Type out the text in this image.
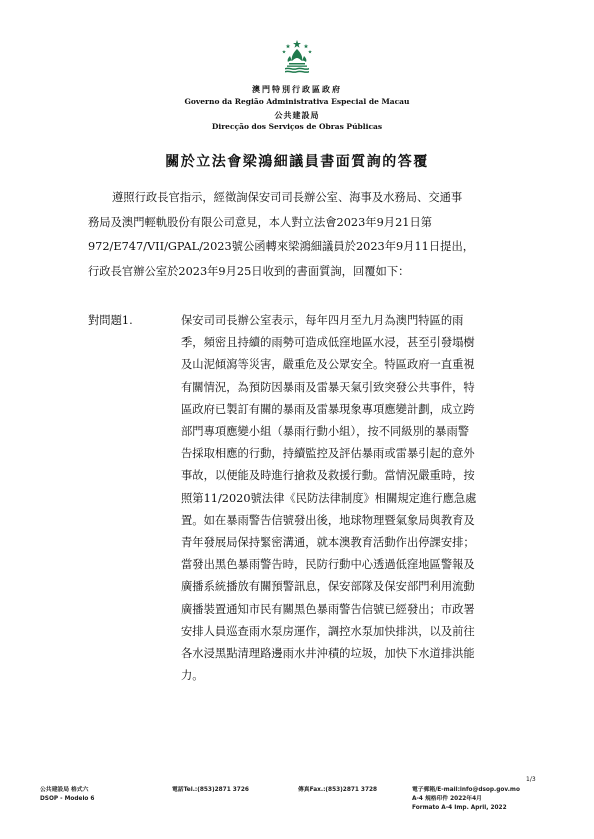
澳門特別行政區政府
Governo da Região Administrativa Especial de Macau
公共建設局
Direcção dos Serviços de Obras Públicas
關於立法會梁鴻細議員書面質詢的答覆
遵照行政長官指示，經徵詢保安司司長辦公室、海事及水務局、交通事
務局及澳門輕軌股份有限公司意見，本人對立法會2023年9月21日第
972/E747/VII/GPAL/2023號公函轉來梁鴻細議員於2023年9月11日提出，
行政長官辦公室於2023年9月25日收到的書面質詢，回覆如下：
對問題1.	保安司司長辦公室表示，每年四月至九月為澳門特區的雨
季，頻密且持續的雨勢可造成低窪地區水浸，甚至引發塌樹
及山泥傾瀉等災害，嚴重危及公眾安全。特區政府一直重視
有關情況，為預防因暴雨及雷暴天氣引致突發公共事件，特
區政府已製訂有關的暴雨及雷暴現象專項應變計劃，成立跨
部門專項應變小組（暴雨行動小組），按不同級別的暴雨警
告採取相應的行動，持續監控及評估暴雨或雷暴引起的意外
事故，以便能及時進行搶救及救援行動。當情況嚴重時，按
照第11/2020號法律《民防法律制度》相關規定進行應急處
置。如在暴雨警告信號發出後，地球物理暨氣象局與教育及
青年發展局保持緊密溝通，就本澳教育活動作出停課安排；
當發出黑色暴雨警告時，民防行動中心透過低窪地區警報及
廣播系統播放有關預警訊息，保安部隊及保安部門利用流動
廣播裝置通知市民有關黑色暴雨警告信號已經發出；市政署
安排人員巡查雨水泵房運作，調控水泵加快排洪，以及前往
各水浸黑點清理路邊雨水井沖積的垃圾，加快下水道排洪能
力。
1/3
公共建設局 格式六
DSOP - Modelo 6
電話Tel.:(853)2871 3726	傳真Fax.:(853)2871 3728	電子郵箱/E-mail:info@dsop.gov.mo
A-4 規格印件 2022年4月
Formato A-4 Imp. April, 2022
